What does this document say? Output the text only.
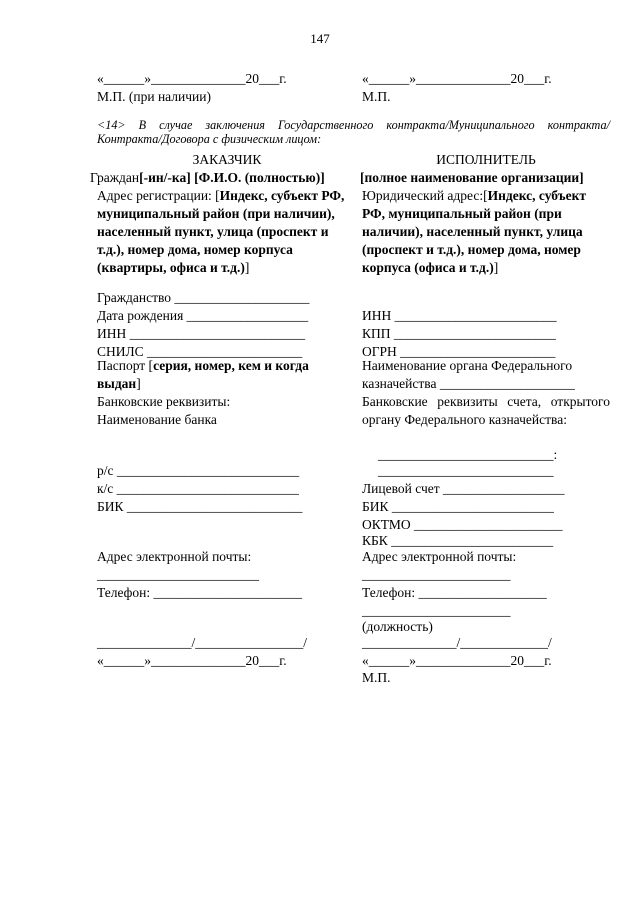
147
«______»______________20___г.
М.П. (при наличии)
«______»______________20___г.
М.П.
<14> В случае заключения Государственного контракта/Муниципального контракта/ Контракта/Договора с физическим лицом:
ЗАКАЗЧИК	ИСПОЛНИТЕЛЬ
Граждан[-ин/-ка] [Ф.И.О. (полностью)]
Адрес регистрации: [Индекс, субъект РФ, муниципальный район (при наличии), населенный пункт, улица (проспект и т.д.), номер дома, номер корпуса (квартиры, офиса и т.д.)]
Гражданство ____________________
Дата рождения __________________
ИНН __________________________
СНИЛС _______________________
Паспорт [серия, номер, кем и когда выдан]
Банковские реквизиты:
Наименование банка
р/с ___________________________
к/с ___________________________
БИК __________________________
Адрес электронной почты:
________________________
Телефон: ______________________
______________/________________/
«______»______________20___г.
[полное наименование организации]
Юридический адрес:[Индекс, субъект РФ, муниципальный район (при наличии), населенный пункт, улица (проспект и т.д.), номер дома, номер корпуса (офиса и т.д.)]
ИНН ________________________
КПП ________________________
ОГРН _______________________
Наименование органа Федерального казначейства ____________________
Банковские реквизиты счета, открытого органу Федерального казначейства:
__________________________:
__________________________
Лицевой счет __________________
БИК ________________________
ОКТМО ______________________
КБК ________________________
Адрес электронной почты:
______________________
Телефон: ___________________
______________________
(должность)
______________/_____________/
«______»______________20___г.
М.П.
